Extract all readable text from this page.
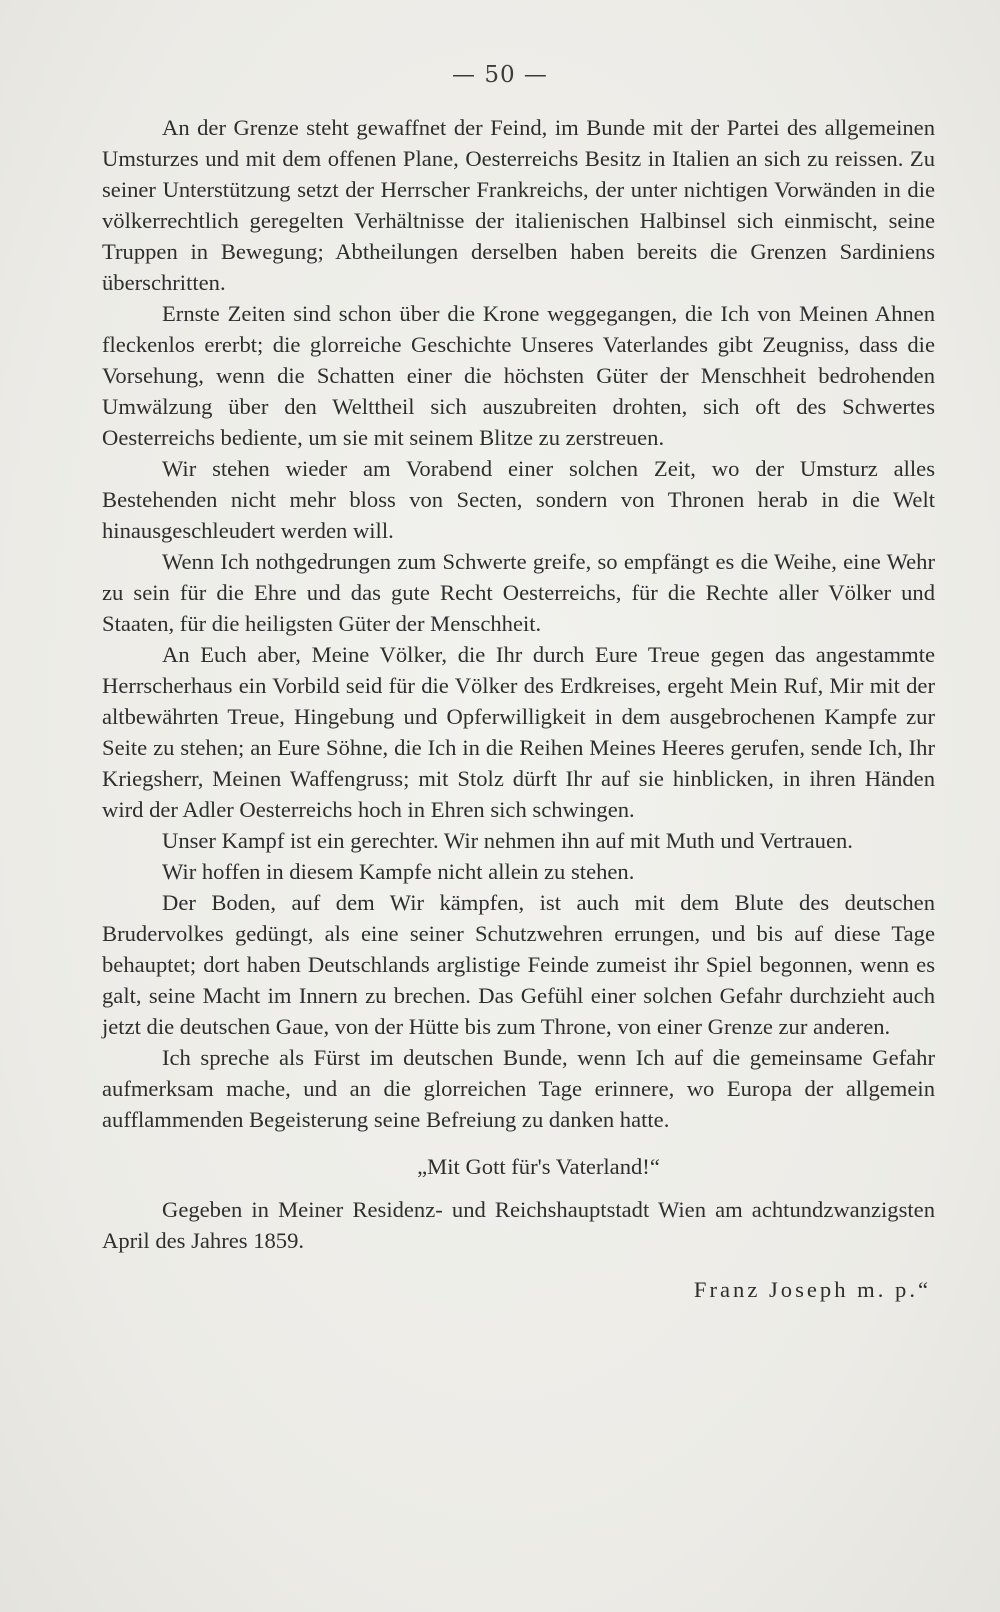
— 50 —

An der Grenze steht gewaffnet der Feind, im Bunde mit der Partei des allgemeinen Umsturzes und mit dem offenen Plane, Oesterreichs Besitz in Italien an sich zu reissen. Zu seiner Unterstützung setzt der Herrscher Frankreichs, der unter nichtigen Vorwänden in die völkerrechtlich geregelten Verhältnisse der italienischen Halbinsel sich einmischt, seine Truppen in Bewegung; Abtheilungen derselben haben bereits die Grenzen Sardiniens überschritten.

Ernste Zeiten sind schon über die Krone weggegangen, die Ich von Meinen Ahnen fleckenlos ererbt; die glorreiche Geschichte Unseres Vaterlandes gibt Zeugniss, dass die Vorsehung, wenn die Schatten einer die höchsten Güter der Menschheit bedrohenden Umwälzung über den Welttheil sich auszubreiten drohten, sich oft des Schwertes Oesterreichs bediente, um sie mit seinem Blitze zu zerstreuen.

Wir stehen wieder am Vorabend einer solchen Zeit, wo der Umsturz alles Bestehenden nicht mehr bloss von Secten, sondern von Thronen herab in die Welt hinausgeschleudert werden will.

Wenn Ich nothgedrungen zum Schwerte greife, so empfängt es die Weihe, eine Wehr zu sein für die Ehre und das gute Recht Oesterreichs, für die Rechte aller Völker und Staaten, für die heiligsten Güter der Menschheit.

An Euch aber, Meine Völker, die Ihr durch Eure Treue gegen das angestammte Herrscherhaus ein Vorbild seid für die Völker des Erdkreises, ergeht Mein Ruf, Mir mit der altbewährten Treue, Hingebung und Opferwilligkeit in dem ausgebrochenen Kampfe zur Seite zu stehen; an Eure Söhne, die Ich in die Reihen Meines Heeres gerufen, sende Ich, Ihr Kriegsherr, Meinen Waffengruss; mit Stolz dürft Ihr auf sie hinblicken, in ihren Händen wird der Adler Oesterreichs hoch in Ehren sich schwingen.

Unser Kampf ist ein gerechter. Wir nehmen ihn auf mit Muth und Vertrauen.

Wir hoffen in diesem Kampfe nicht allein zu stehen.

Der Boden, auf dem Wir kämpfen, ist auch mit dem Blute des deutschen Brudervolkes gedüngt, als eine seiner Schutzwehren errungen, und bis auf diese Tage behauptet; dort haben Deutschlands arglistige Feinde zumeist ihr Spiel begonnen, wenn es galt, seine Macht im Innern zu brechen. Das Gefühl einer solchen Gefahr durchzieht auch jetzt die deutschen Gaue, von der Hütte bis zum Throne, von einer Grenze zur anderen.

Ich spreche als Fürst im deutschen Bunde, wenn Ich auf die gemeinsame Gefahr aufmerksam mache, und an die glorreichen Tage erinnere, wo Europa der allgemein aufflammenden Begeisterung seine Befreiung zu danken hatte.

„Mit Gott für's Vaterland!“

Gegeben in Meiner Residenz- und Reichshauptstadt Wien am achtundzwanzigsten April des Jahres 1859.

Franz Joseph m. p.“
